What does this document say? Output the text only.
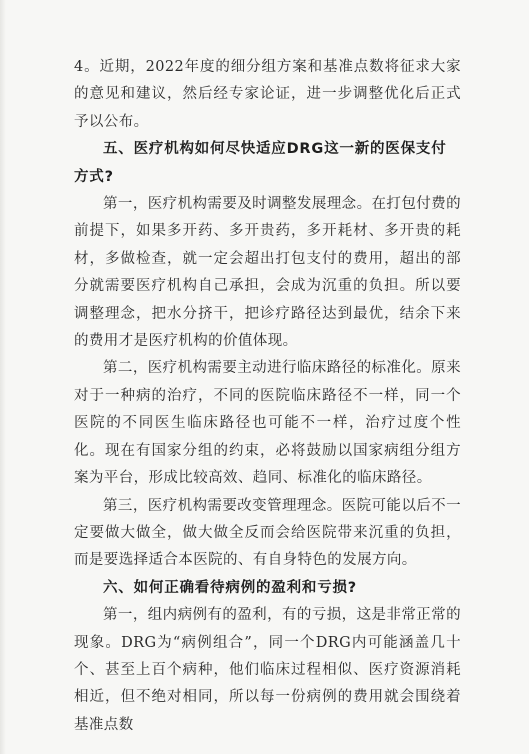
4。近期，2022年度的细分组方案和基准点数将征求大家的意见和建议，然后经专家论证，进一步调整优化后正式予以公布。

五、医疗机构如何尽快适应DRG这一新的医保支付方式?

第一，医疗机构需要及时调整发展理念。在打包付费的前提下，如果多开药、多开贵药，多开耗材、多开贵的耗材，多做检查，就一定会超出打包支付的费用，超出的部分就需要医疗机构自己承担，会成为沉重的负担。所以要调整理念，把水分挤干，把诊疗路径达到最优，结余下来的费用才是医疗机构的价值体现。

第二，医疗机构需要主动进行临床路径的标准化。原来对于一种病的治疗，不同的医院临床路径不一样，同一个医院的不同医生临床路径也可能不一样，治疗过度个性化。现在有国家分组的约束，必将鼓励以国家病组分组方案为平台，形成比较高效、趋同、标准化的临床路径。

第三，医疗机构需要改变管理理念。医院可能以后不一定要做大做全，做大做全反而会给医院带来沉重的负担，而是要选择适合本医院的、有自身特色的发展方向。

六、如何正确看待病例的盈利和亏损?

第一，组内病例有的盈利，有的亏损，这是非常正常的现象。DRG为“病例组合”，同一个DRG内可能涵盖几十个、甚至上百个病种，他们临床过程相似、医疗资源消耗相近，但不绝对相同，所以每一份病例的费用就会围绕着基准点数
